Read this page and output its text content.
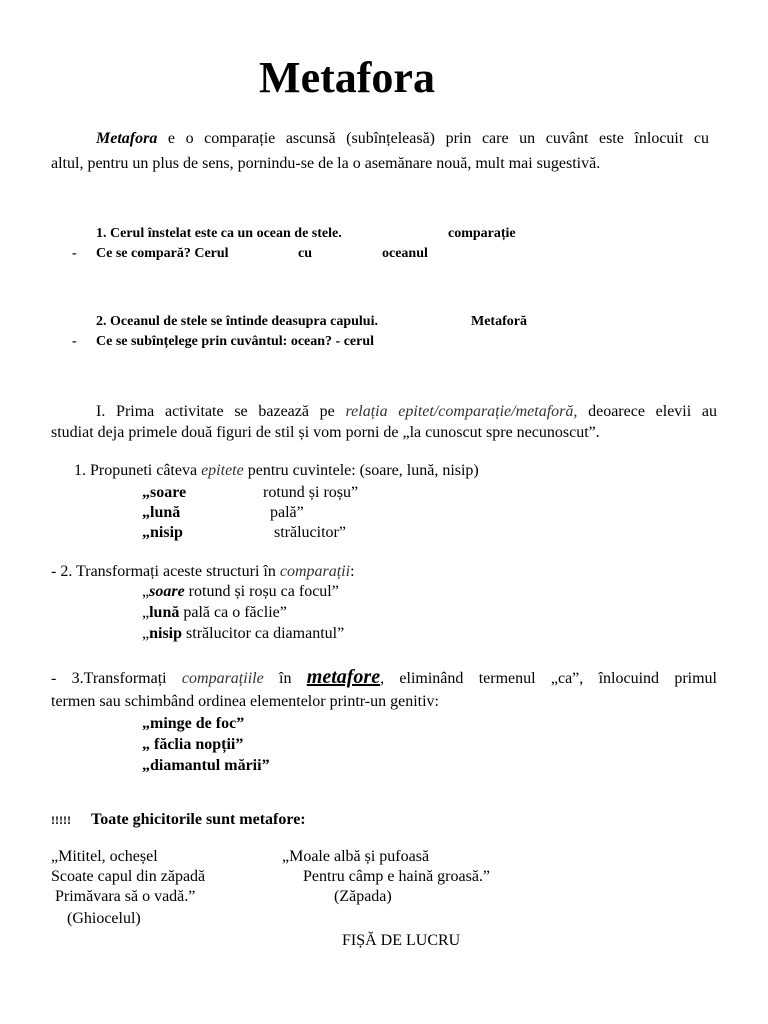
Metafora
Metafora e o comparație ascunsă (subînțeleasă) prin care un cuvânt este înlocuit cu
altul, pentru un plus de sens, pornindu-se de la o asemănare nouă, mult mai sugestivă.
1. Cerul înstelat este ca un ocean de stele.	comparație
- Ce se compară? Cerul	cu	oceanul
2. Oceanul de stele se întinde deasupra capului.	Metaforă
- Ce se subînțelege prin cuvântul: ocean? - cerul
I. Prima activitate se bazează pe relația epitet/comparație/metaforă, deoarece elevii au
studiat deja primele două figuri de stil și vom porni de „la cunoscut spre necunoscut”.
1. Propuneti câteva epitete pentru cuvintele: (soare, lună, nisip)
„soare	rotund și roșu”
„lună	pală”
„nisip	strălucitor”
- 2. Transformați aceste structuri în comparații:
„soare rotund și roșu ca focul”
„lună pală ca o făclie”
„nisip strălucitor ca diamantul”
- 3.Transformați comparațiile în metafore, eliminând termenul „ca”, înlocuind primul
termen sau schimbând ordinea elementelor printr-un genitiv:
„minge de foc”
„ făclia nopții”
„diamantul mării”
!!!!! Toate ghicitorile sunt metafore:
„Mititel, ocheșel
Scoate capul din zăpadă
Primăvara să o vadă.”
(Ghiocelul)
„Moale albă și pufoasă
Pentru câmp e haină groasă.”
(Zăpada)
FIȘĂ DE LUCRU
